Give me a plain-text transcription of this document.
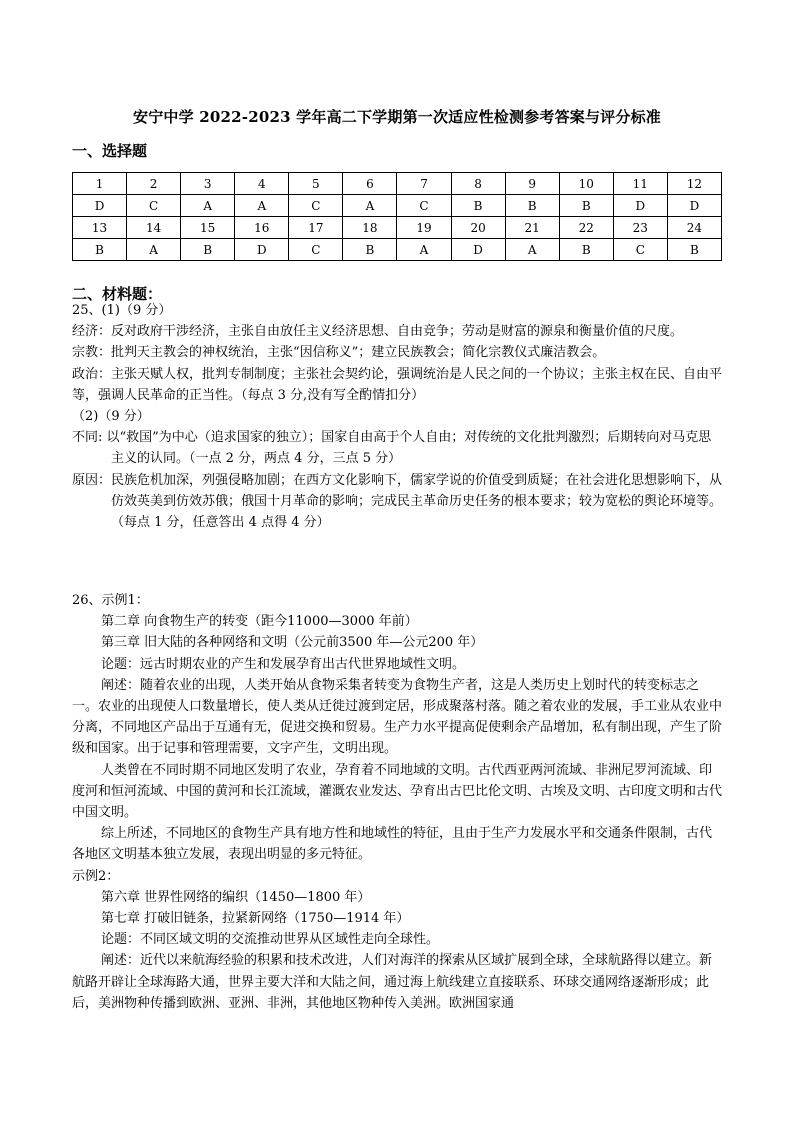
安宁中学 2022-2023 学年高二下学期第一次适应性检测参考答案与评分标准
一、选择题
1	2	3	4	5	6	7	8	9	10	11	12
D	C	A	A	C	A	C	B	B	B	D	D
13	14	15	16	17	18	19	20	21	22	23	24
B	A	B	D	C	B	A	D	A	B	C	B
二、材料题：

25、(1)（9 分）

经济：反对政府干涉经济，主张自由放任主义经济思想、自由竞争；劳动是财富的源泉和衡量价值的尺度。

宗教：批判天主教会的神权统治，主张“因信称义”；建立民族教会；简化宗教仪式廉洁教会。

政治：主张天赋人权，批判专制制度；主张社会契约论，强调统治是人民之间的一个协议；主张主权在民、自由平等，强调人民革命的正当性。（每点 3 分,没有写全酌情扣分）

（2)（9 分）

不同: 以“救国”为中心（追求国家的独立）；国家自由高于个人自由；对传统的文化批判激烈；后期转向对马克思主义的认同。（一点 2 分，两点 4 分，三点 5 分）

原因：民族危机加深，列强侵略加剧；在西方文化影响下，儒家学说的价值受到质疑；在社会进化思想影响下，从仿效英美到仿效苏俄；俄国十月革命的影响；完成民主革命历史任务的根本要求；较为宽松的舆论环境等。（每点 1 分，任意答出 4 点得 4 分）

26、示例1：

第二章 向食物生产的转变（距今11000—3000 年前）

第三章 旧大陆的各种网络和文明（公元前3500 年—公元200 年）

论题：远古时期农业的产生和发展孕育出古代世界地域性文明。

阐述：随着农业的出现，人类开始从食物采集者转变为食物生产者，这是人类历史上划时代的转变标志之一。农业的出现使人口数量增长，使人类从迁徙过渡到定居，形成聚落村落。随之着农业的发展，手工业从农业中分离，不同地区产品出于互通有无，促进交换和贸易。生产力水平提高促使剩余产品增加，私有制出现，产生了阶级和国家。出于记事和管理需要，文字产生，文明出现。

人类曾在不同时期不同地区发明了农业，孕育着不同地域的文明。古代西亚两河流域、非洲尼罗河流域、印度河和恒河流域、中国的黄河和长江流域，灌溉农业发达、孕育出古巴比伦文明、古埃及文明、古印度文明和古代中国文明。

综上所述，不同地区的食物生产具有地方性和地域性的特征，且由于生产力发展水平和交通条件限制，古代各地区文明基本独立发展，表现出明显的多元特征。

示例2：

第六章 世界性网络的编织（1450—1800 年）

第七章 打破旧链条，拉紧新网络（1750—1914 年）

论题：不同区域文明的交流推动世界从区域性走向全球性。

阐述：近代以来航海经验的积累和技术改进，人们对海洋的探索从区域扩展到全球，全球航路得以建立。新航路开辟让全球海路大通，世界主要大洋和大陆之间，通过海上航线建立直接联系、环球交通网络逐渐形成；此后，美洲物种传播到欧洲、亚洲、非洲，其他地区物种传入美洲。欧洲国家通
